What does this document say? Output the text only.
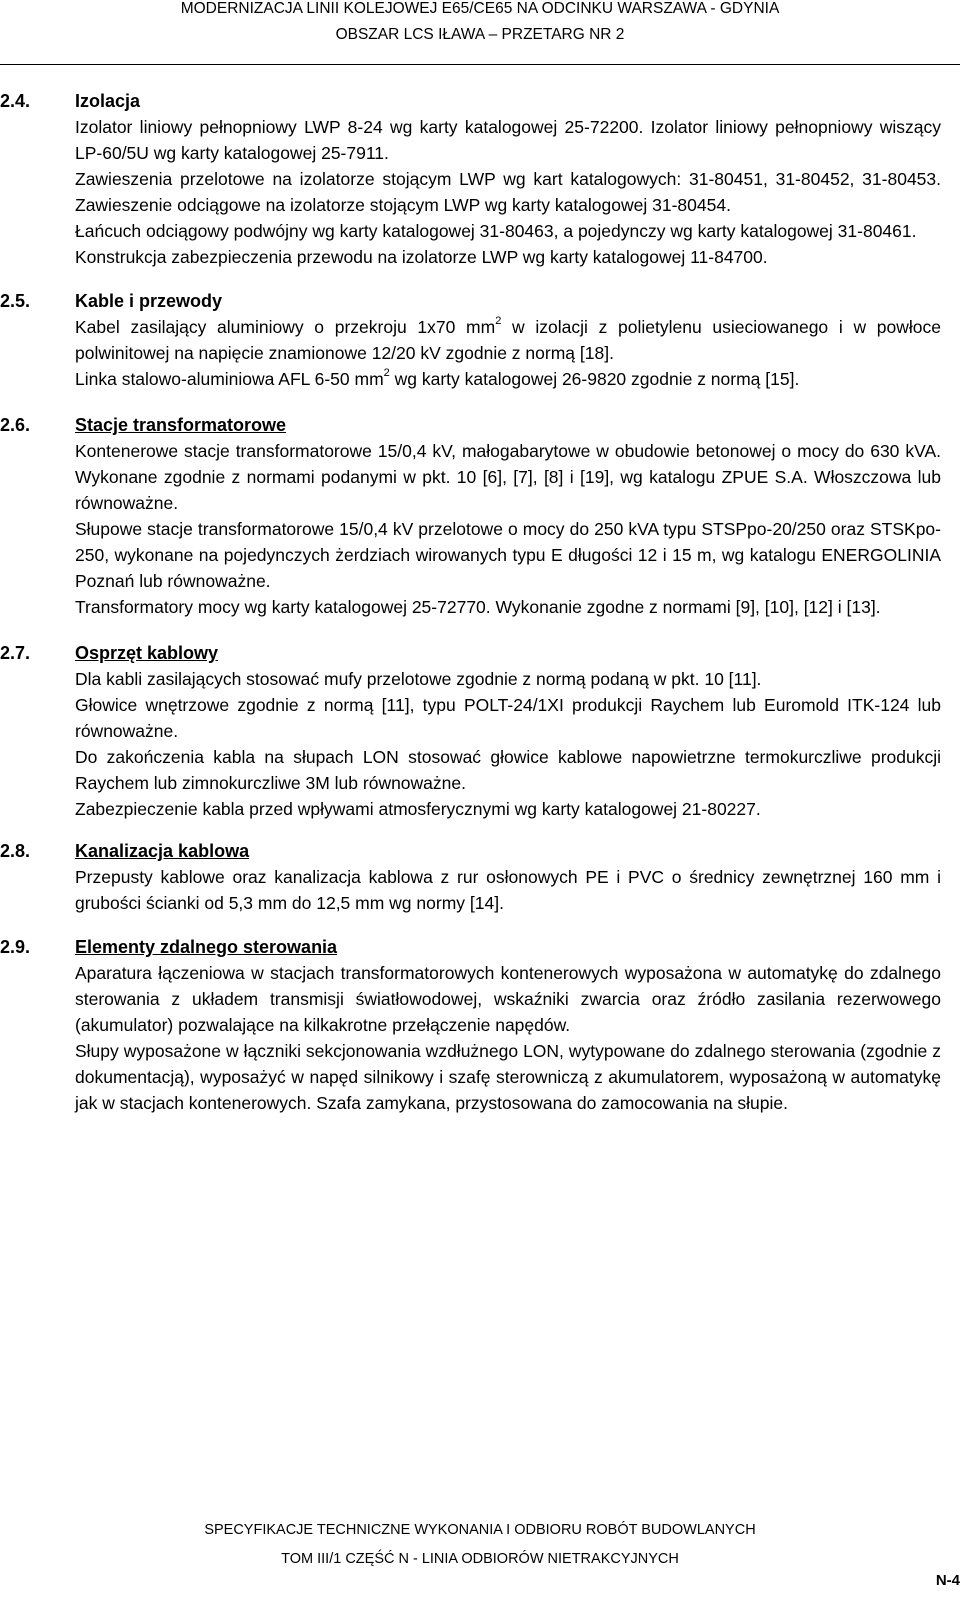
MODERNIZACJA LINII KOLEJOWEJ E65/CE65 NA ODCINKU WARSZAWA - GDYNIA
OBSZAR LCS IŁAWA – PRZETARG NR 2
2.4. Izolacja

Izolator liniowy pełnopniowy LWP 8-24 wg karty katalogowej 25-72200. Izolator liniowy pełnopniowy wiszący LP-60/5U wg karty katalogowej 25-7911.

Zawieszenia przelotowe na izolatorze stojącym LWP wg kart katalogowych: 31-80451, 31-80452, 31-80453. Zawieszenie odciągowe na izolatorze stojącym LWP wg karty katalogowej 31-80454.

Łańcuch odciągowy podwójny wg karty katalogowej 31-80463, a pojedynczy wg karty katalogowej 31-80461.

Konstrukcja zabezpieczenia przewodu na izolatorze LWP wg karty katalogowej 11-84700.

2.5. Kable i przewody

Kabel zasilający aluminiowy o przekroju 1x70 $mm^2$ w izolacji z polietylenu usieciowanego i w powłoce polwinitowej na napięcie znamionowe 12/20 kV zgodnie z normą [18].

Linka stalowo-aluminiowa AFL 6-50 $mm^2$ wg karty katalogowej 26-9820 zgodnie z normą [15].

2.6. Stacje transformatorowe

Kontenerowe stacje transformatorowe 15/0,4 kV, małogabarytowe w obudowie betonowej o mocy do 630 kVA. Wykonane zgodnie z normami podanymi w pkt. 10 [6], [7], [8] i [19], wg katalogu ZPUE S.A. Włoszczowa lub równoważne.

Słupowe stacje transformatorowe 15/0,4 kV przelotowe o mocy do 250 kVA typu STSPpo-20/250 oraz STSKpo-250, wykonane na pojedynczych żerdziach wirowanych typu E długości 12 i 15 m, wg katalogu ENERGOLINIA Poznań lub równoważne.

Transformatory mocy wg karty katalogowej 25-72770. Wykonanie zgodne z normami [9], [10], [12] i [13].

2.7. Osprzęt kablowy

Dla kabli zasilających stosować mufy przelotowe zgodnie z normą podaną w pkt. 10 [11].

Głowice wnętrzowe zgodnie z normą [11], typu POLT-24/1XI produkcji Raychem lub Euromold ITK-124 lub równoważne.

Do zakończenia kabla na słupach LON stosować głowice kablowe napowietrzne termokurczliwe produkcji Raychem lub zimnokurczliwe 3M lub równoważne.

Zabezpieczenie kabla przed wpływami atmosferycznymi wg karty katalogowej 21-80227.

2.8. Kanalizacja kablowa

Przepusty kablowe oraz kanalizacja kablowa z rur osłonowych PE i PVC o średnicy zewnętrznej 160 mm i grubości ścianki od 5,3 mm do 12,5 mm wg normy [14].

2.9. Elementy zdalnego sterowania

Aparatura łączeniowa w stacjach transformatorowych kontenerowych wyposażona w automatykę do zdalnego sterowania z układem transmisji światłowodowej, wskaźniki zwarcia oraz źródło zasilania rezerwowego (akumulator) pozwalające na kilkakrotne przełączenie napędów.

Słupy wyposażone w łączniki sekcjonowania wzdłużnego LON, wytypowane do zdalnego sterowania (zgodnie z dokumentacją), wyposażyć w napęd silnikowy i szafę sterowniczą z akumulatorem, wyposażoną w automatykę jak w stacjach kontenerowych. Szafa zamykana, przystosowana do zamocowania na słupie.

SPECYFIKACJE TECHNICZNE WYKONANIA I ODBIORU ROBÓT BUDOWLANYCH
TOM III/1 CZĘŚĆ N - LINIA ODBIORÓW NIETRAKCYJNYCH
N-4
